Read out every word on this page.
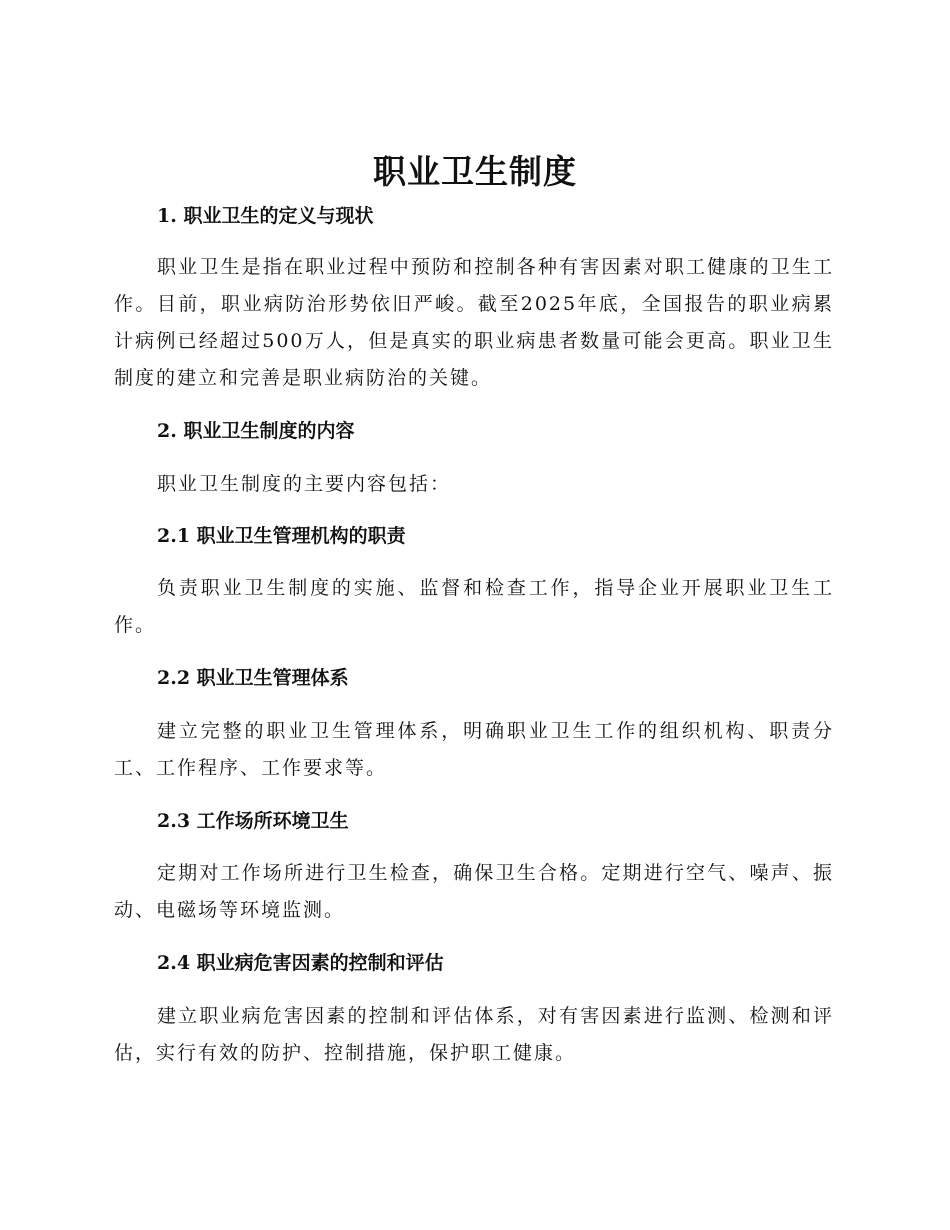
职业卫生制度
1. 职业卫生的定义与现状

职业卫生是指在职业过程中预防和控制各种有害因素对职工健康的卫生工作。目前，职业病防治形势依旧严峻。截至2025年底，全国报告的职业病累计病例已经超过500万人，但是真实的职业病患者数量可能会更高。职业卫生制度的建立和完善是职业病防治的关键。

2. 职业卫生制度的内容

职业卫生制度的主要内容包括：

2.1 职业卫生管理机构的职责

负责职业卫生制度的实施、监督和检查工作，指导企业开展职业卫生工作。

2.2 职业卫生管理体系

建立完整的职业卫生管理体系，明确职业卫生工作的组织机构、职责分工、工作程序、工作要求等。

2.3 工作场所环境卫生

定期对工作场所进行卫生检查，确保卫生合格。定期进行空气、噪声、振动、电磁场等环境监测。

2.4 职业病危害因素的控制和评估

建立职业病危害因素的控制和评估体系，对有害因素进行监测、检测和评估，实行有效的防护、控制措施，保护职工健康。
